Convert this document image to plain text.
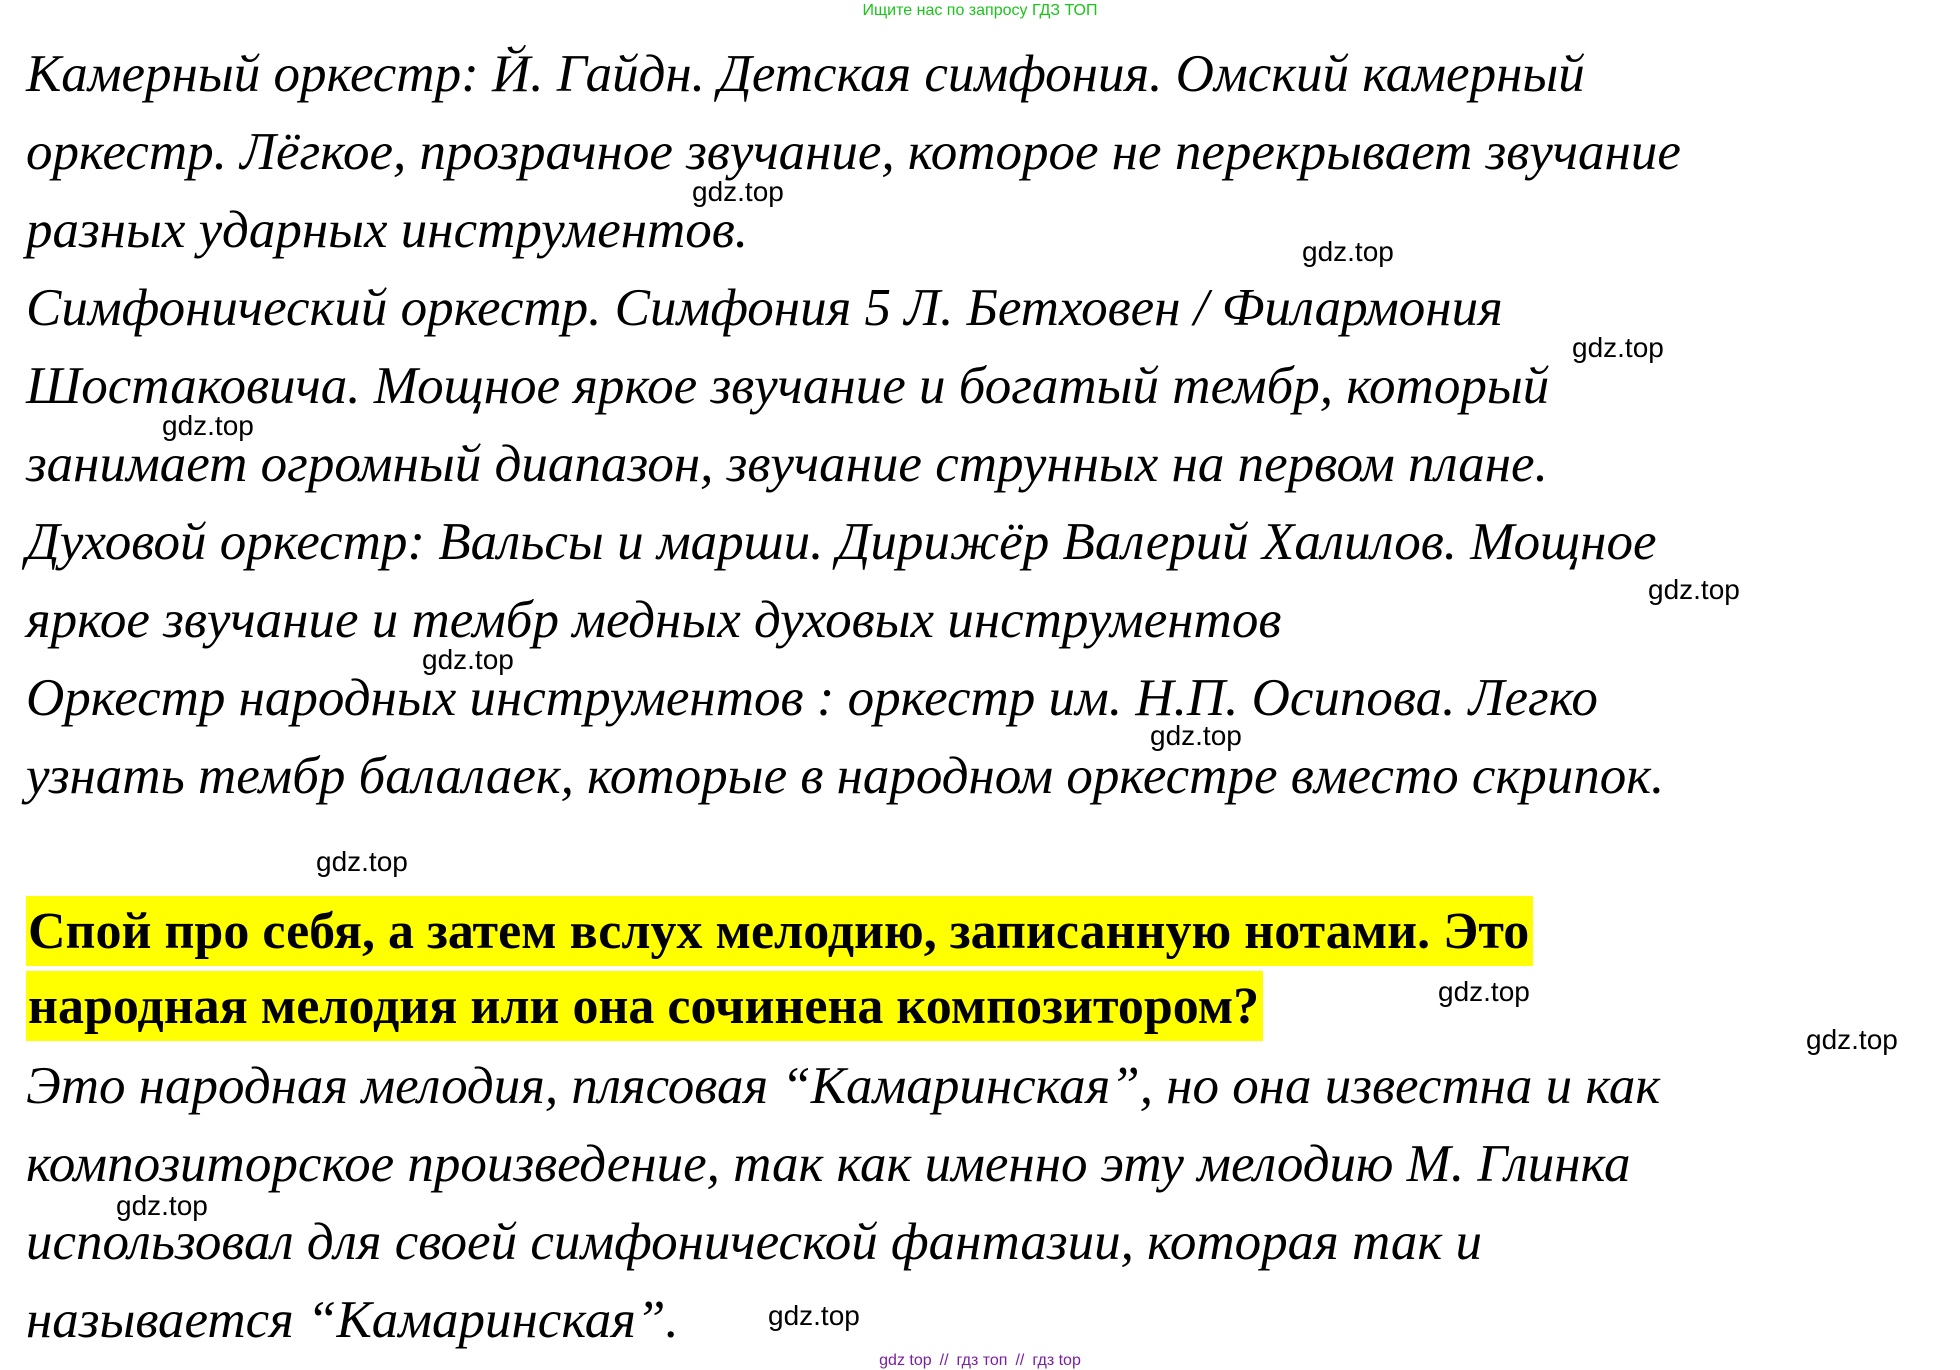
Ищите нас по запросу ГДЗ ТОП
Камерный оркестр: Й. Гайдн. Детская симфония. Омский камерный
оркестр. Лёгкое, прозрачное звучание, которое не перекрывает звучание
разных ударных инструментов.
Симфонический оркестр. Симфония 5 Л. Бетховен / Филармония
Шостаковича. Мощное яркое звучание и богатый тембр, который
занимает огромный диапазон, звучание струнных на первом плане.
Духовой оркестр: Вальсы и марши. Дирижёр Валерий Халилов. Мощное
яркое звучание и тембр медных духовых инструментов
Оркестр народных инструментов : оркестр им. Н.П. Осипова. Легко
узнать тембр балалаек, которые в народном оркестре вместо скрипок.
Спой про себя, а затем вслух мелодию, записанную нотами. Это
народная мелодия или она сочинена композитором?
Это народная мелодия, плясовая “Камаринская”, но она известна и как
композиторское произведение, так как именно эту мелодию М. Глинка
использовал для своей симфонической фантазии, которая так и
называется “Камаринская”.
gdz.top
gdz.top
gdz.top
gdz.top
gdz.top
gdz.top
gdz.top
gdz.top
gdz.top
gdz.top
gdz.top
gdz.top
gdz top // гдз топ // гдз top
